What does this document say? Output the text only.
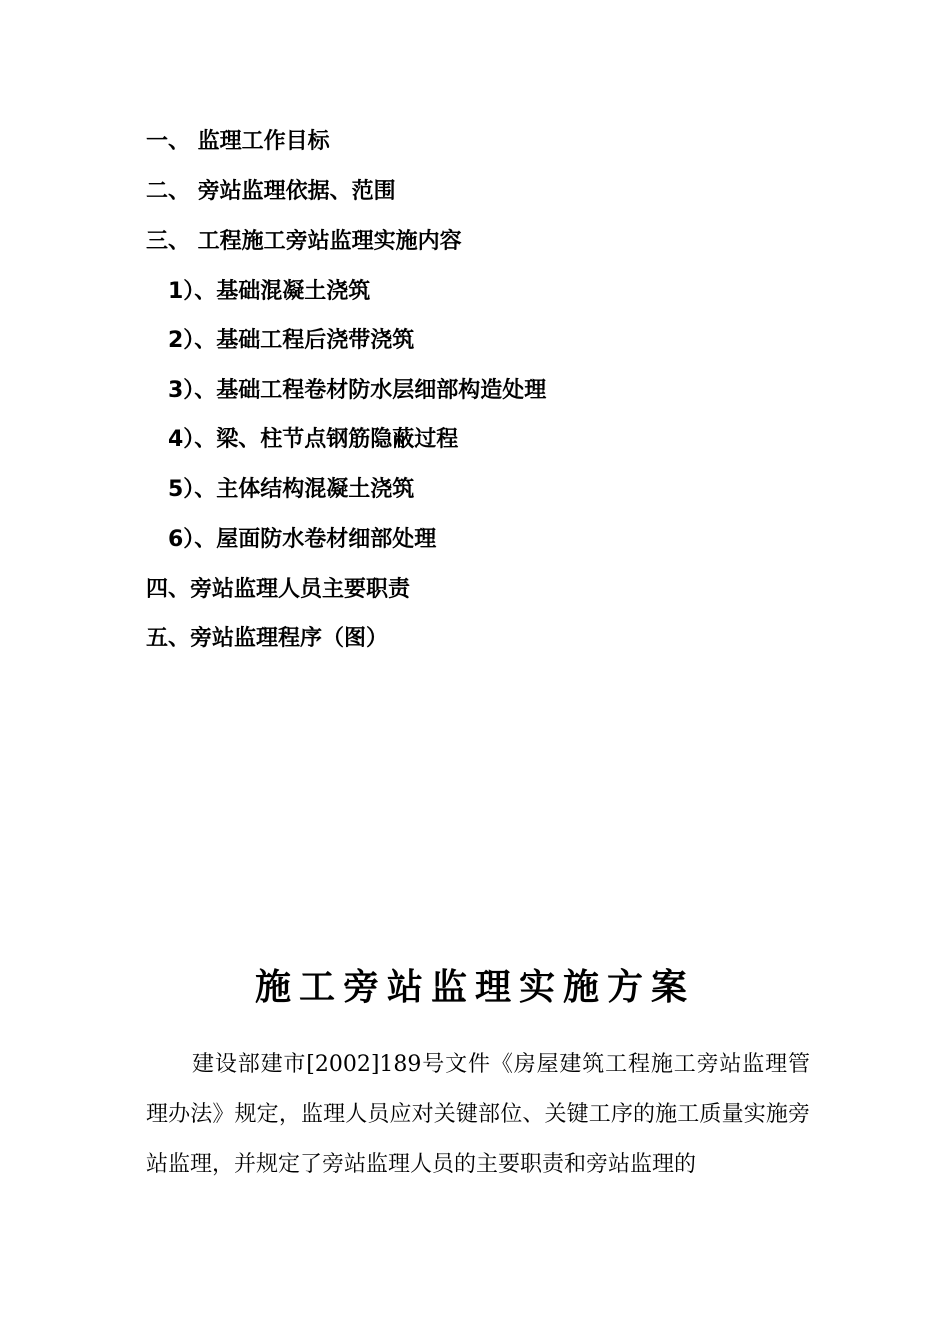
一、 监理工作目标
二、 旁站监理依据、范围
三、 工程施工旁站监理实施内容
1）、基础混凝土浇筑
2）、基础工程后浇带浇筑
3）、基础工程卷材防水层细部构造处理
4）、梁、柱节点钢筋隐蔽过程
5）、主体结构混凝土浇筑
6）、屋面防水卷材细部处理
四、旁站监理人员主要职责
五、旁站监理程序（图）
施工旁站监理实施方案

建设部建市[2002]189号文件《房屋建筑工程施工旁站监理管理办法》规定，监理人员应对关键部位、关键工序的施工质量实施旁站监理，并规定了旁站监理人员的主要职责和旁站监理的
